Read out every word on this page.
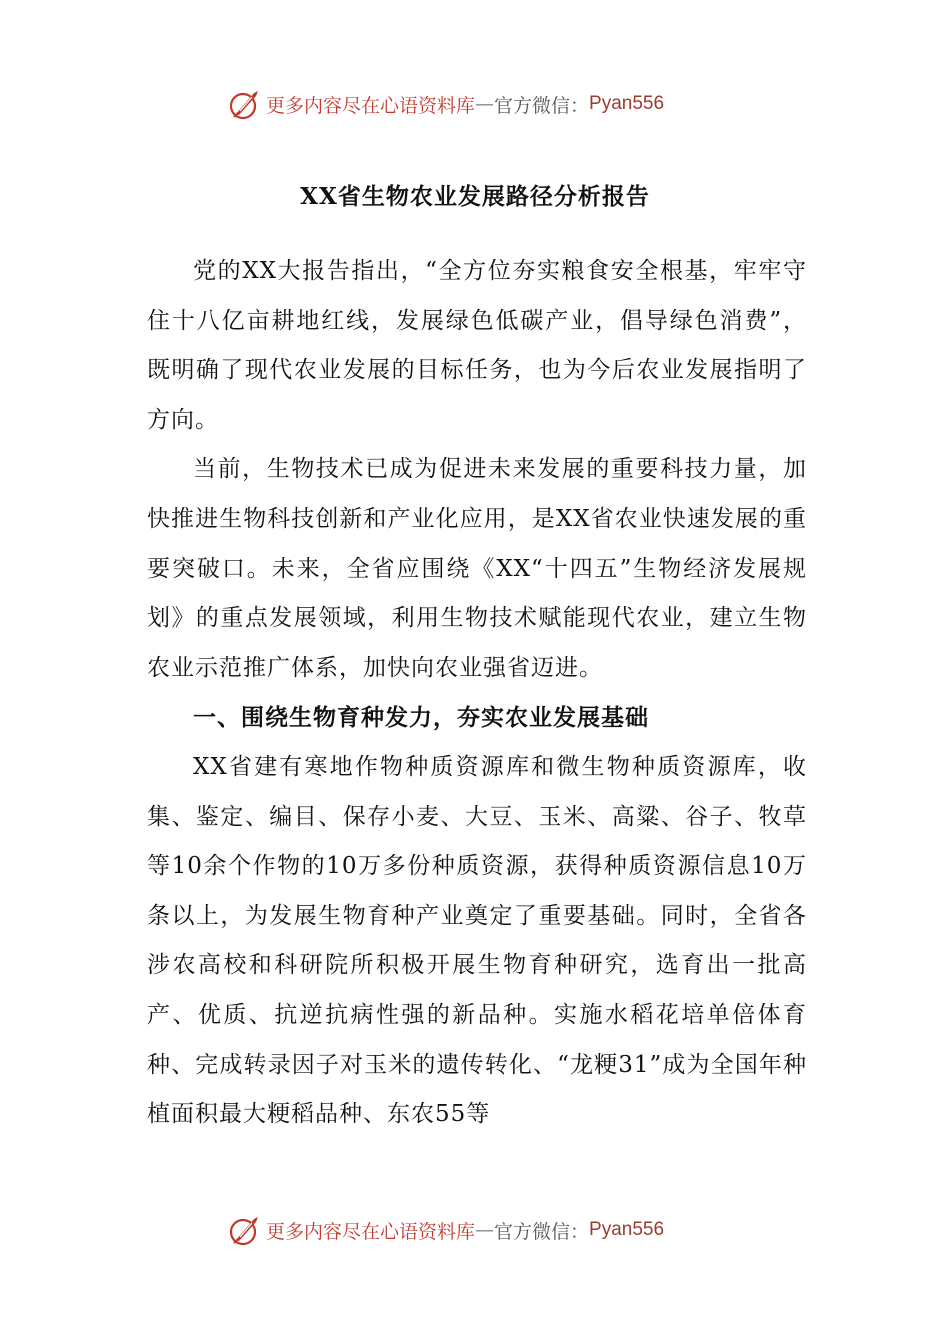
更多内容尽在心语资料库 — 官方微信： Pyan556
XX省生物农业发展路径分析报告

党的XX大报告指出，“全方位夯实粮食安全根基，牢牢守住十八亿亩耕地红线，发展绿色低碳产业，倡导绿色消费”，既明确了现代农业发展的目标任务，也为今后农业发展指明了方向。

当前，生物技术已成为促进未来发展的重要科技力量，加快推进生物科技创新和产业化应用，是XX省农业快速发展的重要突破口。未来，全省应围绕《XX“十四五”生物经济发展规划》的重点发展领域，利用生物技术赋能现代农业，建立生物农业示范推广体系，加快向农业强省迈进。

一、围绕生物育种发力，夯实农业发展基础

XX省建有寒地作物种质资源库和微生物种质资源库，收集、鉴定、编目、保存小麦、大豆、玉米、高粱、谷子、牧草等10余个作物的10万多份种质资源，获得种质资源信息10万条以上，为发展生物育种产业奠定了重要基础。同时，全省各涉农高校和科研院所积极开展生物育种研究，选育出一批高产、优质、抗逆抗病性强的新品种。实施水稻花培单倍体育种、完成转录因子对玉米的遗传转化、“龙粳31”成为全国年种植面积最大粳稻品种、东农55等

更多内容尽在心语资料库 — 官方微信： Pyan556
